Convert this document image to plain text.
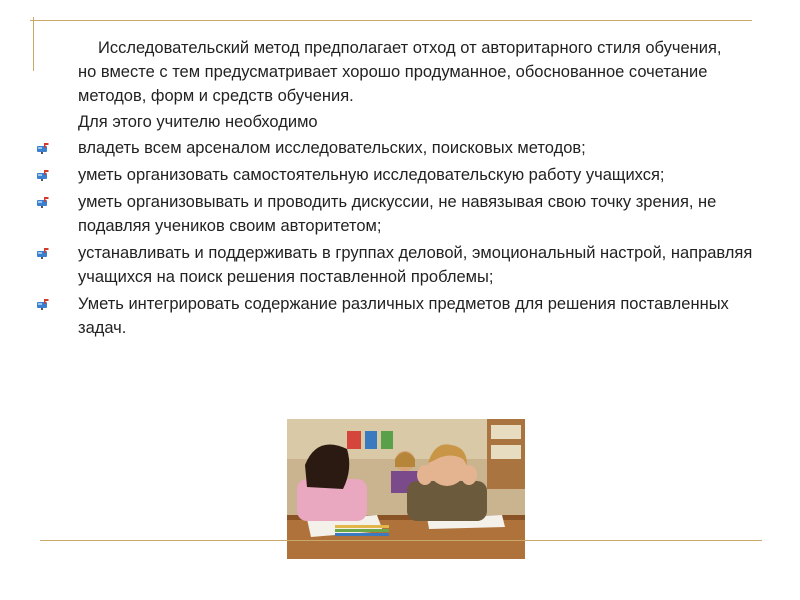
Исследовательский метод предполагает отход от авторитарного стиля обучения, но вместе с тем предусматривает хорошо продуманное, обоснованное сочетание методов, форм и средств обучения.

Для этого учителю необходимо

владеть всем арсеналом исследовательских, поисковых методов;
уметь организовать самостоятельную исследовательскую работу учащихся;
уметь организовывать и проводить дискуссии, не навязывая свою точку зрения, не подавляя учеников своим авторитетом;
устанавливать и поддерживать в группах деловой, эмоциональный настрой, направляя учащихся на поиск решения поставленной проблемы;
Уметь интегрировать содержание различных предметов для решения поставленных задач.
